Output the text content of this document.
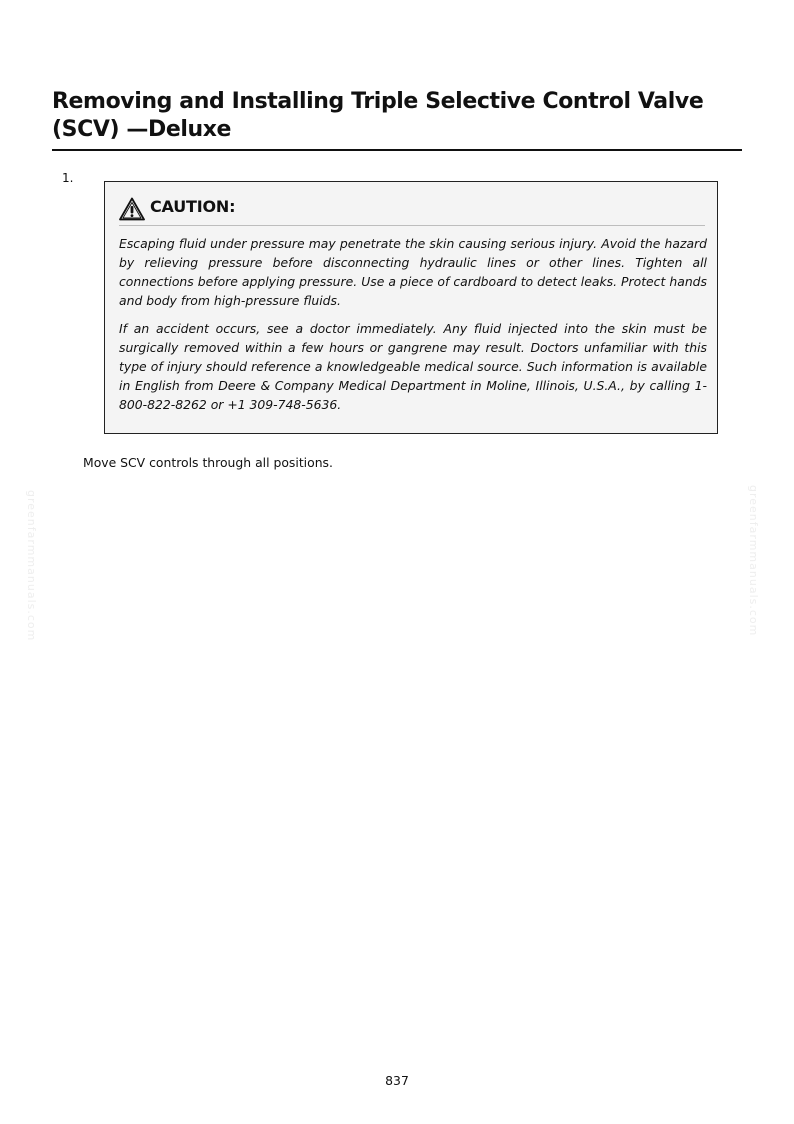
Removing and Installing Triple Selective Control Valve (SCV) —Deluxe
1.
CAUTION:

Escaping fluid under pressure may penetrate the skin causing serious injury. Avoid the hazard by relieving pressure before disconnecting hydraulic lines or other lines. Tighten all connections before applying pressure. Use a piece of cardboard to detect leaks. Protect hands and body from high-pressure fluids.

If an accident occurs, see a doctor immediately. Any fluid injected into the skin must be surgically removed within a few hours or gangrene may result. Doctors unfamiliar with this type of injury should reference a knowledgeable medical source. Such information is available in English from Deere & Company Medical Department in Moline, Illinois, U.S.A., by calling 1-800-822-8262 or +1 309-748-5636.

Move SCV controls through all positions.
greenfarmmanuals.com	greenfarmmanuals.com
837
